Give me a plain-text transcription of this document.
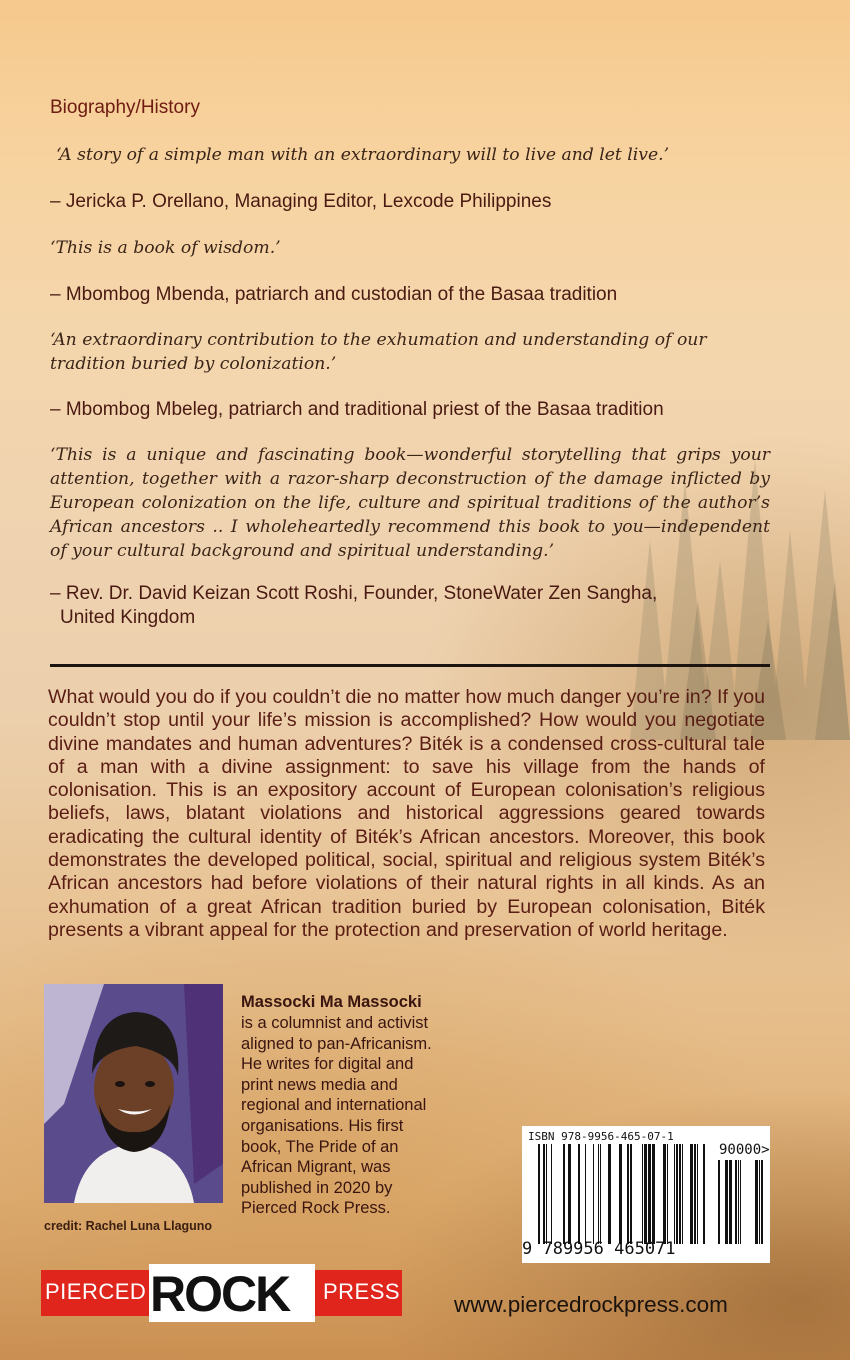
Biography/History
‘A story of a simple man with an extraordinary will to live and let live.’
– Jericka P. Orellano, Managing Editor, Lexcode Philippines
‘This is a book of wisdom.’
– Mbombog Mbenda, patriarch and custodian of the Basaa tradition
‘An extraordinary contribution to the exhumation and understanding of our tradition buried by colonization.’
– Mbombog Mbeleg, patriarch and traditional priest of the Basaa tradition
‘This is a unique and fascinating book—wonderful storytelling that grips your attention, together with a razor-sharp deconstruction of the damage inflicted by European colonization on the life, culture and spiritual traditions of the author’s African ancestors .. I wholeheartedly recommend this book to you—independent of your cultural background and spiritual understanding.’
– Rev. Dr. David Keizan Scott Roshi, Founder, StoneWater Zen Sangha,
United Kingdom
What would you do if you couldn’t die no matter how much danger you’re in? If you couldn’t stop until your life’s mission is accomplished? How would you negotiate divine mandates and human adventures? Biték is a condensed cross-cultural tale of a man with a divine assignment: to save his village from the hands of colonisation. This is an expository account of European colonisation’s religious beliefs, laws, blatant violations and historical aggressions geared towards eradicating the cultural identity of Biték’s African ancestors. Moreover, this book demonstrates the developed political, social, spiritual and religious system Biték’s African ancestors had before violations of their natural rights in all kinds. As an exhumation of a great African tradition buried by European colonisation, Biték presents a vibrant appeal for the protection and preservation of world heritage.
credit: Rachel Luna Llaguno
Massocki Ma Massocki
is a columnist and activist
aligned to pan-Africanism.
He writes for digital and
print news media and
regional and international
organisations. His first
book, The Pride of an
African Migrant, was
published in 2020 by
Pierced Rock Press.
ISBN 978-9956-465-07-1
90000>
9 789956 465071
PIERCED ROCK PRESS
www.piercedrockpress.com
